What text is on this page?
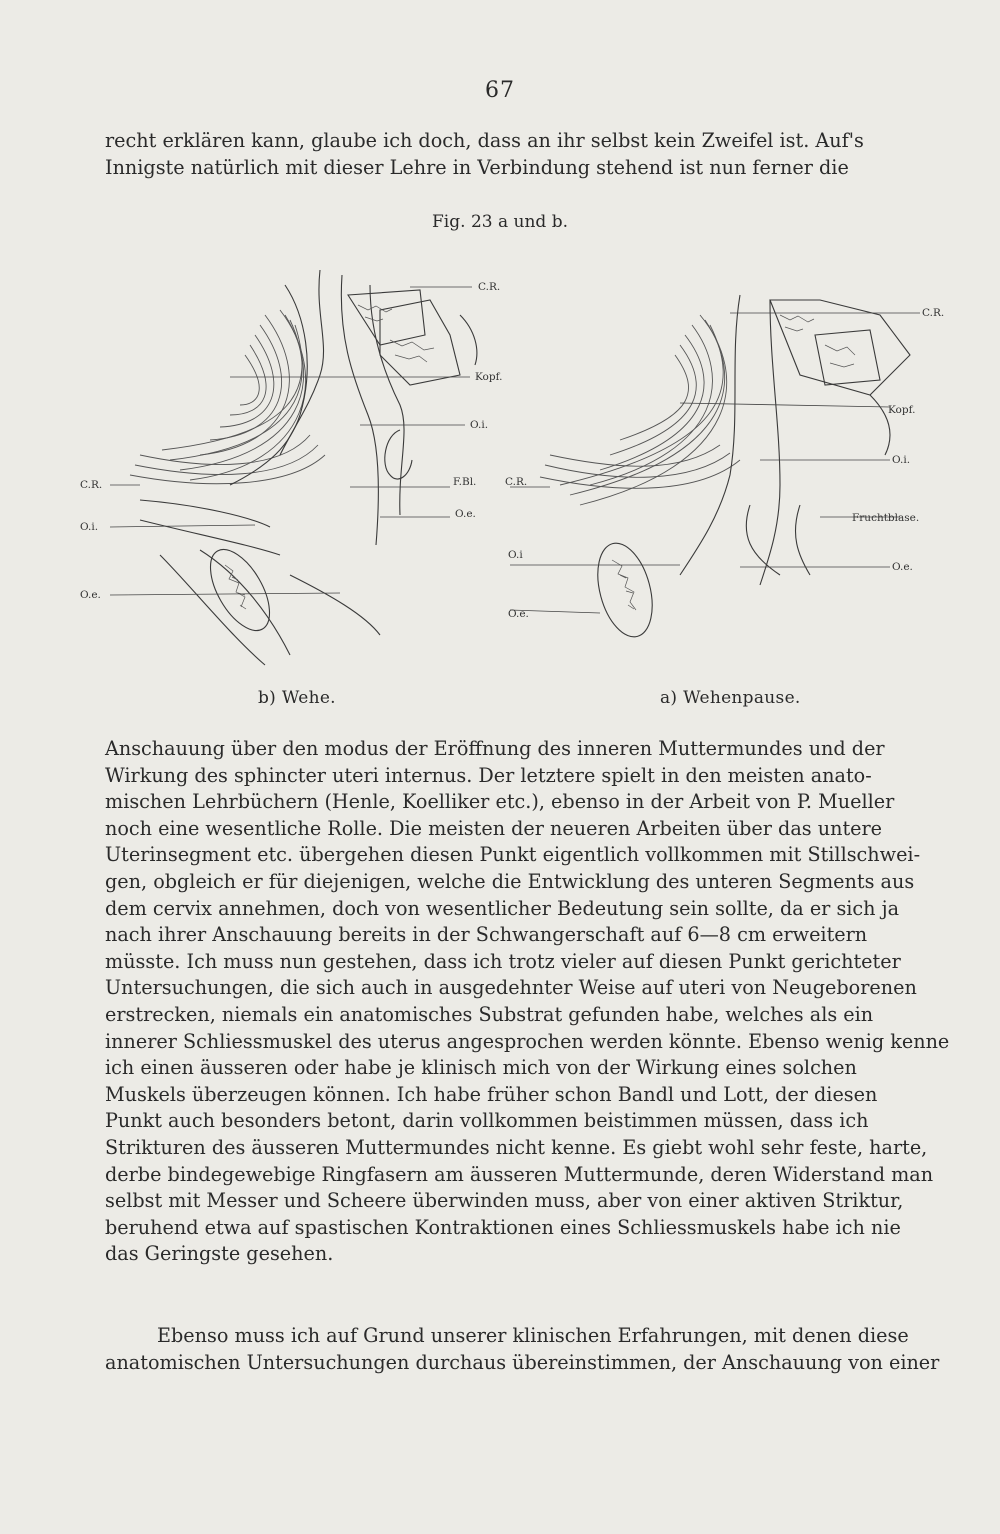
67
recht erklären kann, glaube ich doch, dass an ihr selbst kein Zweifel ist. Auf's
Innigste natürlich mit dieser Lehre in Verbindung stehend ist nun ferner die
Fig. 23 a und b.
C.R.
Kopf.
O.i.
F.Bl.
O.e.
C.R.
O.i.
O.e.
C.R.
O.i
O.e.
C.R.
Kopf.
O.i.
Fruchtblase.
O.e.
b) Wehe.	a) Wehenpause.
Anschauung über den modus der Eröffnung des inneren Muttermundes und der
Wirkung des sphincter uteri internus. Der letztere spielt in den meisten anato-
mischen Lehrbüchern (Henle, Koelliker etc.), ebenso in der Arbeit von P. Mueller
noch eine wesentliche Rolle. Die meisten der neueren Arbeiten über das untere
Uterinsegment etc. übergehen diesen Punkt eigentlich vollkommen mit Stillschwei-
gen, obgleich er für diejenigen, welche die Entwicklung des unteren Segments aus
dem cervix annehmen, doch von wesentlicher Bedeutung sein sollte, da er sich ja
nach ihrer Anschauung bereits in der Schwangerschaft auf 6—8 cm erweitern
müsste. Ich muss nun gestehen, dass ich trotz vieler auf diesen Punkt gerichteter
Untersuchungen, die sich auch in ausgedehnter Weise auf uteri von Neugeborenen
erstrecken, niemals ein anatomisches Substrat gefunden habe, welches als ein
innerer Schliessmuskel des uterus angesprochen werden könnte. Ebenso wenig kenne
ich einen äusseren oder habe je klinisch mich von der Wirkung eines solchen
Muskels überzeugen können. Ich habe früher schon Bandl und Lott, der diesen
Punkt auch besonders betont, darin vollkommen beistimmen müssen, dass ich
Strikturen des äusseren Muttermundes nicht kenne. Es giebt wohl sehr feste, harte,
derbe bindegewebige Ringfasern am äusseren Muttermunde, deren Widerstand man
selbst mit Messer und Scheere überwinden muss, aber von einer aktiven Striktur,
beruhend etwa auf spastischen Kontraktionen eines Schliessmuskels habe ich nie
das Geringste gesehen.
Ebenso muss ich auf Grund unserer klinischen Erfahrungen, mit denen diese
anatomischen Untersuchungen durchaus übereinstimmen, der Anschauung von einer
